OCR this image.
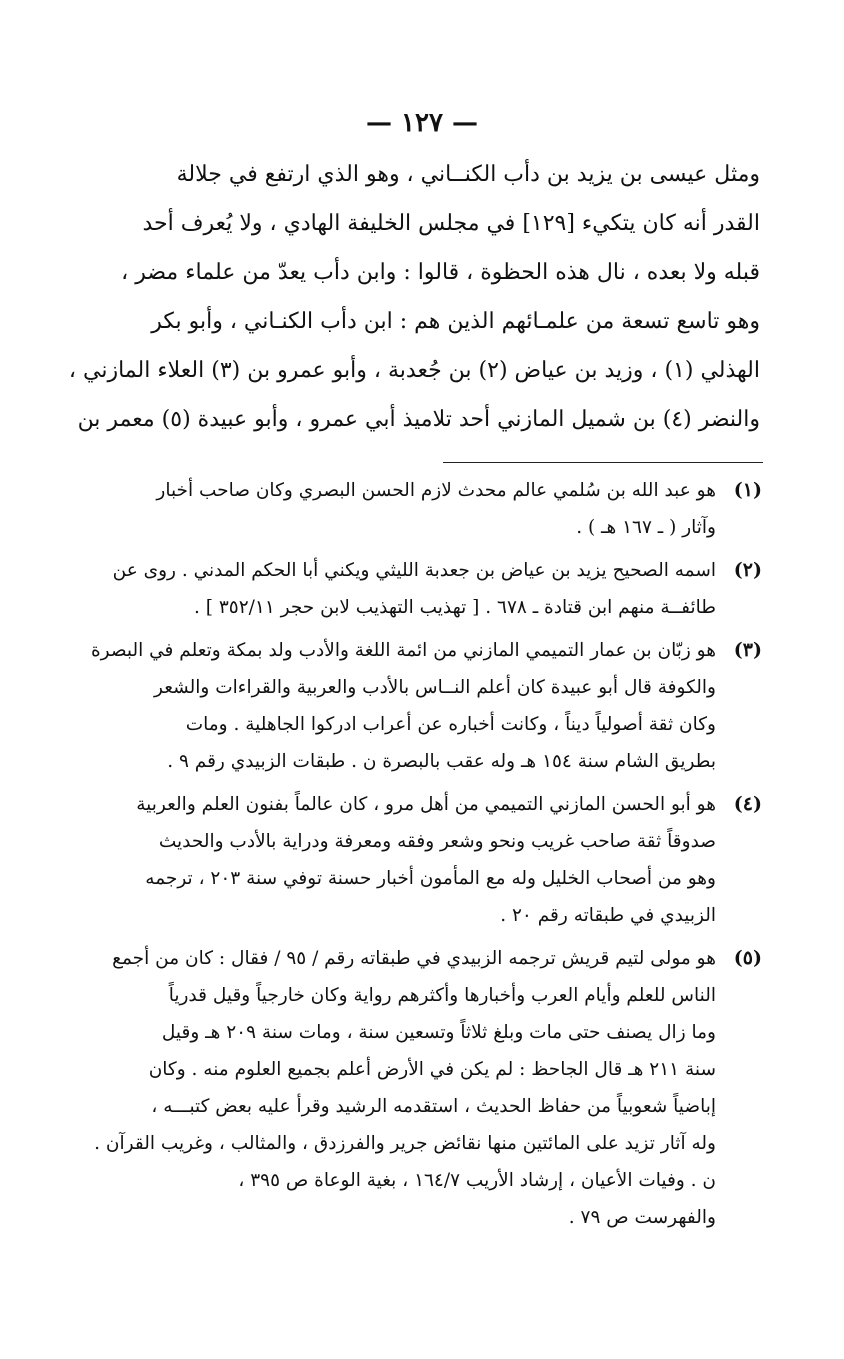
— ١٢٧ —
ومثل عيسى بن يزيد بن دأب الكنــاني ، وهو الذي ارتفع في جلالة
القدر أنه كان يتكيء [١٢٩] في مجلس الخليفة الهادي ، ولا يُعرف أحد
قبله ولا بعده ، نال هذه الحظوة ، قالوا : وابن دأب يعدّ من علماء مضر ،
وهو تاسع تسعة من علمـائهم الذين هم : ابن دأب الكنـاني ، وأبو بكر
الهذلي (١) ، وزيد بن عياض (٢) بن جُعدبة ، وأبو عمرو بن (٣) العلاء المازني ،
والنضر (٤) بن شميل المازني أحد تلاميذ أبي عمرو ، وأبو عبيدة (٥) معمر بن
(١)
هو عبد الله بن سُلمي عالم محدث لازم الحسن البصري وكان صاحب أخبار
وآثار ( ـ ١٦٧ هـ ) .
(٢)
اسمه الصحيح يزيد بن عياض بن جعدبة الليثي ويكني أبا الحكم المدني . روى عن
طائفــة منهم ابن قتادة ـ ٦٧٨ . [ تهذيب التهذيب لابن حجر ٣٥٢/١١ ] .
(٣)
هو زبّان بن عمار التميمي المازني من ائمة اللغة والأدب ولد بمكة وتعلم في البصرة
والكوفة قال أبو عبيدة كان أعلم النــاس بالأدب والعربية والقراءات والشعر
وكان ثقة أصولياً ديناً ، وكانت أخباره عن أعراب ادركوا الجاهلية . ومات
بطريق الشام سنة ١٥٤ هـ وله عقب بالبصرة ن . طبقات الزبيدي رقم ٩ .
(٤)
هو أبو الحسن المازني التميمي من أهل مرو ، كان عالماً بفنون العلم والعربية
صدوقاً ثقة صاحب غريب ونحو وشعر وفقه ومعرفة ودراية بالأدب والحديث
وهو من أصحاب الخليل وله مع المأمون أخبار حسنة توفي سنة ٢٠٣ ، ترجمه
الزبيدي في طبقاته رقم ٢٠ .
(٥)
هو مولى لتيم قريش ترجمه الزبيدي في طبقاته رقم / ٩٥ / فقال : كان من أجمع
الناس للعلم وأيام العرب وأخبارها وأكثرهم رواية وكان خارجياً وقيل قدرياً
وما زال يصنف حتى مات وبلغ ثلاثاً وتسعين سنة ، ومات سنة ٢٠٩ هـ وقيل
سنة ٢١١ هـ قال الجاحظ : لم يكن في الأرض أعلم بجميع العلوم منه . وكان
إباضياً شعوبياً من حفاظ الحديث ، استقدمه الرشيد وقرأ عليه بعض كتبـــه ،
وله آثار تزيد على المائتين منها نقائض جرير والفرزدق ، والمثالب ، وغريب القرآن .
ن . وفيات الأعيان ، إرشاد الأريب ١٦٤/٧ ، بغية الوعاة ص ٣٩٥ ،
والفهرست ص ٧٩ .
